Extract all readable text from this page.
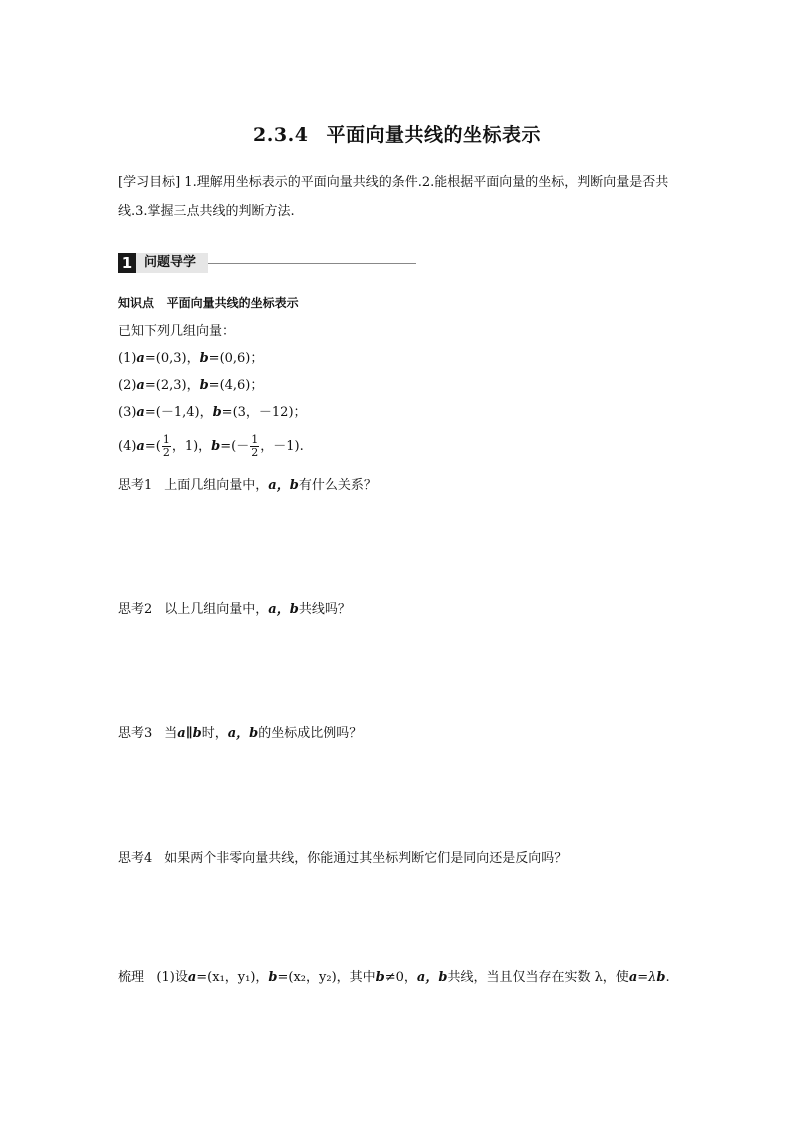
2.3.4 平面向量共线的坐标表示
[学习目标] 1.理解用坐标表示的平面向量共线的条件.2.能根据平面向量的坐标，判断向量是否共线.3.掌握三点共线的判断方法.
1 问题导学
知识点 平面向量共线的坐标表示
已知下列几组向量：
(1)a=(0,3)，b=(0,6)；
(2)a=(2,3)，b=(4,6)；
(3)a=(－1,4)，b=(3，－12)；
$(4)a=( \frac{1}{2}$ ，1)，$b=(- \frac{1}{2}$ ，－1).
思考1 上面几组向量中，a，b有什么关系？
思考2 以上几组向量中，a，b共线吗？
思考3 当a∥b时，a，b的坐标成比例吗？
思考4 如果两个非零向量共线，你能通过其坐标判断它们是同向还是反向吗？
梳理 (1)设a=(x₁，y₁)，b=(x₂，y₂)，其中b≠0，a，b共线，当且仅当存在实数 λ，使a=λb.
